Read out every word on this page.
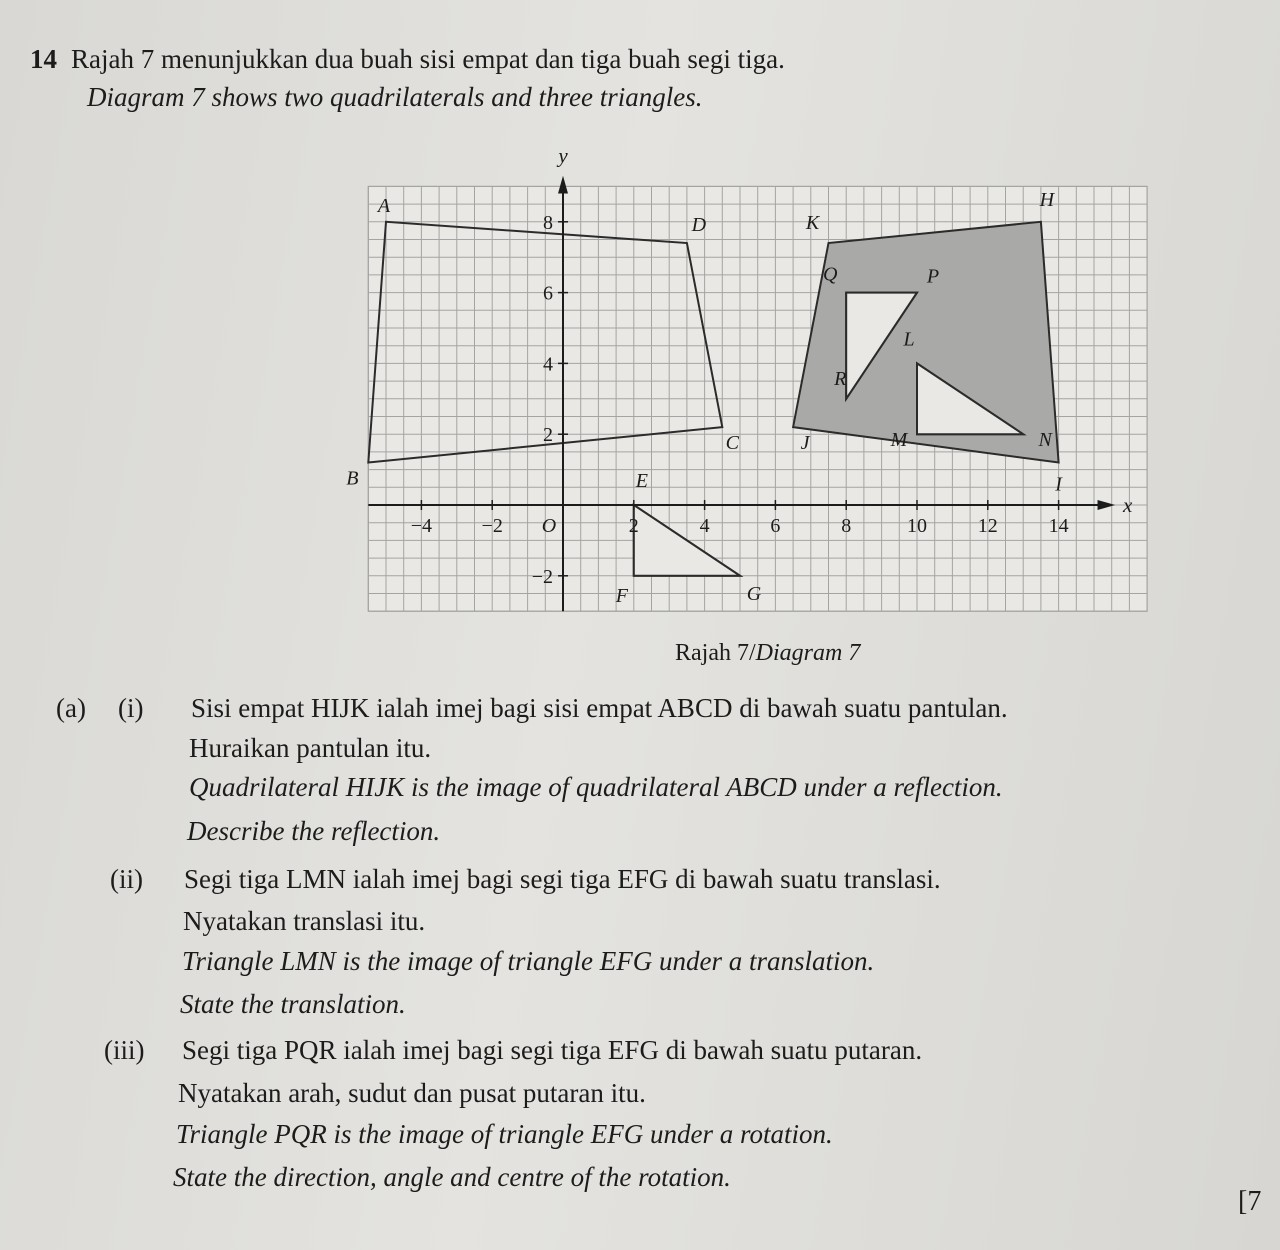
14 Rajah 7 menunjukkan dua buah sisi empat dan tiga buah segi tiga.
Diagram 7 shows two quadrilaterals and three triangles.
x
y
−4 −2 O	2	4	6	8	10	12	14
8
6
4
2
−2
A
B
C
D
H
I
J
K
E
F	G
L
M	N
P
Q
R
Rajah 7/Diagram 7
(a) (i) Sisi empat HIJK ialah imej bagi sisi empat ABCD di bawah suatu pantulan.
Huraikan pantulan itu.
Quadrilateral HIJK is the image of quadrilateral ABCD under a reflection.
Describe the reflection.
(ii) Segi tiga LMN ialah imej bagi segi tiga EFG di bawah suatu translasi.
Nyatakan translasi itu.
Triangle LMN is the image of triangle EFG under a translation.
State the translation.
(iii) Segi tiga PQR ialah imej bagi segi tiga EFG di bawah suatu putaran.
Nyatakan arah, sudut dan pusat putaran itu.
Triangle PQR is the image of triangle EFG under a rotation.
State the direction, angle and centre of the rotation.
[7
